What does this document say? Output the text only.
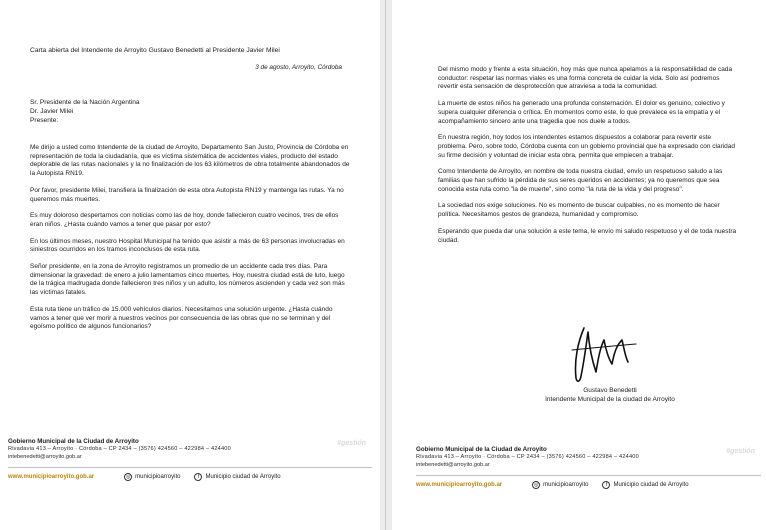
Carta abierta del Intendente de Arroyito Gustavo Benedetti al Presidente Javier Milei
3 de agosto, Arroyito, Córdoba
Sr. Presidente de la Nación Argentina
Dr. Javier Milei
Presente:

Me dirijo a usted como Intendente de la ciudad de Arroyito, Departamento San Justo, Provincia de Córdoba en representación de toda la ciudadanía, que es víctima sistemática de accidentes viales, producto del estado deplorable de las rutas nacionales y la no finalización de los 63 kilómetros de obra totalmente abandonados de la Autopista RN19.

Por favor, presidente Milei, transfiera la finalización de esta obra Autopista RN19 y mantenga las rutas. Ya no queremos más muertes.

Es muy doloroso despertarnos con noticias como las de hoy, donde fallecieron cuatro vecinos, tres de ellos eran niños. ¿Hasta cuándo vamos a tener que pasar por esto?

En los últimos meses, nuestro Hospital Municipal ha tenido que asistir a más de 63 personas involucradas en siniestros ocurridos en los tramos inconclusos de esta ruta.

Señor presidente, en la zona de Arroyito registramos un promedio de un accidente cada tres días. Para dimensionar la gravedad: de enero a julio lamentamos cinco muertes. Hoy, nuestra ciudad está de luto, luego de la trágica madrugada donde fallecieron tres niños y un adulto, los números ascienden y cada vez son más las víctimas fatales.

Esta ruta tiene un tráfico de 15.000 vehículos diarios. Necesitamos una solución urgente. ¿Hasta cuándo vamos a tener que ver morir a nuestros vecinos por consecuencia de las obras que no se terminan y del egoísmo político de algunos funcionarios?

#gestión
Gobierno Municipal de la Ciudad de Arroyito
Rivadavia 413 – Arroyito · Córdoba – CP 2434 – (3576) 424560 – 422984 – 424400
intebenedetti@arroyito.gob.ar
www.municipioarroyito.gob.ar	◎ municipioarroyito	f	Municipio ciudad de Arroyito

Del mismo modo y frente a esta situación, hoy más que nunca apelamos a la responsabilidad de cada conductor: respetar las normas viales es una forma concreta de cuidar la vida. Solo así podremos revertir esta sensación de desprotección que atraviesa a toda la comunidad.

La muerte de estos niños ha generado una profunda consternación. El dolor es genuino, colectivo y supera cualquier diferencia o crítica. En momentos como este, lo que prevalece es la empatía y el acompañamiento sincero ante una tragedia que nos duele a todos.

En nuestra región, hoy todos los intendentes estamos dispuestos a colaborar para revertir este problema. Pero, sobre todo, Córdoba cuenta con un gobierno provincial que ha expresado con claridad su firme decisión y voluntad de iniciar esta obra, permita que empiecen a trabajar.

Como Intendente de Arroyito, en nombre de toda nuestra ciudad, envío un respetuoso saludo a las familias que han sufrido la pérdida de sus seres queridos en accidentes; ya no queremos que sea conocida esta ruta como "la de muerte", sino como "la ruta de la vida y del progreso".

La sociedad nos exige soluciones. No es momento de buscar culpables, no es momento de hacer política. Necesitamos gestos de grandeza, humanidad y compromiso.

Esperando que pueda dar una solución a este tema, le envío mi saludo respetuoso y el de toda nuestra ciudad.

Gustavo Benedetti
Intendente Municipal de la ciudad de Arroyito
#gestión
Gobierno Municipal de la Ciudad de Arroyito
Rivadavia 413 – Arroyito · Córdoba – CP 2434 – (3576) 424560 – 422984 – 424400
intebenedetti@arroyito.gob.ar
www.municipioarroyito.gob.ar	◎ municipioarroyito	f	Municipio ciudad de Arroyito
